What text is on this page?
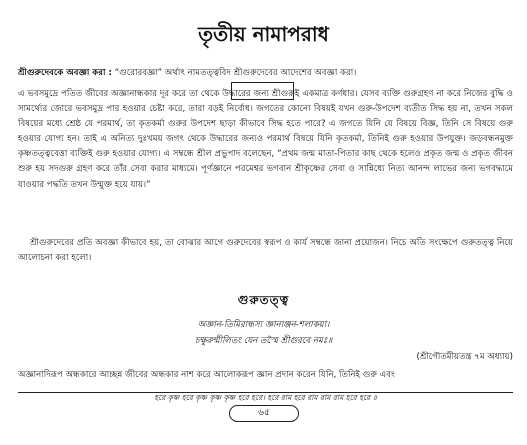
তৃতীয় নামাপরাধ
শ্রীগুরুদেবকে অবজ্ঞা করা : “গুরোরবজ্ঞা” অর্থাৎ নামতত্ত্ববিদ শ্রীগুরুদেবের আদেশের অবজ্ঞা করা।
এ ভবসমুদ্রে পতিত জীবের অজ্ঞানান্ধকার দূর করে তা থেকে উদ্ধারের জন্য শ্রীগুরুই একমাত্র কর্ণধার। যেসব ব্যক্তি গুরুগ্রহণ না করে নিজের বুদ্ধি ও সামর্থ্যের জোরে ভবসমুদ্র পার হওয়ার চেষ্টা করে, তারা বড়ই নির্বোধ। জগতের কোনো বিষয়ই যখন গুরু-উপদেশ ব্যতীত সিদ্ধ হয় না, তখন সকল বিষয়ের মধ্যে শ্রেষ্ঠ যে পরমার্থ, তা কৃতকর্মা গুরুর উপদেশ ছাড়া কীভাবে সিদ্ধ হতে পারে? এ জগতে যিনি যে বিষয়ে বিজ্ঞ, তিনি সে বিষয়ে গুরু হওয়ার যোগ্য হন। তাই এ অনিত্য দুঃখময় জগৎ থেকে উদ্ধারের জন্যও পরমার্থ বিষয়ে যিনি কৃতকর্মা, তিনিই গুরু হওয়ার উপযুক্ত। জড়বন্ধনমুক্ত কৃষ্ণতত্ত্ববেত্তা ব্যক্তিই গুরু হওয়ার যোগ্য। এ সম্বন্ধে শ্রীল প্রভুপাদ বলেছেন, “প্রথম জন্ম মাতা-পিতার কাছ থেকে হলেও প্রকৃত জন্ম ও প্রকৃত জীবন শুরু হয় সদগুরু গ্রহণ করে তাঁর সেবা করার মাধ্যমে। পূর্ণজ্ঞানে পরমেশ্বর ভগবান শ্রীকৃষ্ণের সেবা ও সান্নিধ্যে নিত্য আনন্দ লাভের জন্য ভগবদ্ধামে যাওয়ার পদ্ধতি তখন উন্মুক্ত হয়ে যায়।”
শ্রীগুরুদেবের প্রতি অবজ্ঞা কীভাবে হয়, তা বোঝার আগে গুরুদেবের স্বরূপ ও কার্য সম্বন্ধে জানা প্রয়োজন। নিচে অতি সংক্ষেপে গুরুতত্ত্ব নিয়ে আলোচনা করা হলো।
গুরুতত্ত্ব
অজ্ঞান-তিমিরান্ধস্য জ্ঞানাঞ্জন-শলাকয়া।
চক্ষুরুন্মীলিতং যেন তস্মৈ শ্রীগুরবে নমঃ॥
(শ্রীগৌতমীয়তন্ত্র ৭ম অধ্যায়)
অজ্ঞানাদিরূপ অন্ধকারে আচ্ছন্ন জীবের অন্ধকার নাশ করে আলোকরূপ জ্ঞান প্রদান করেন যিনি, তিনিই গুরু এবং
হরে কৃষ্ণ হরে কৃষ্ণ কৃষ্ণ কৃষ্ণ হরে হরে। হরে রাম হরে রাম রাম রাম হরে হরে ॥
৬৫
